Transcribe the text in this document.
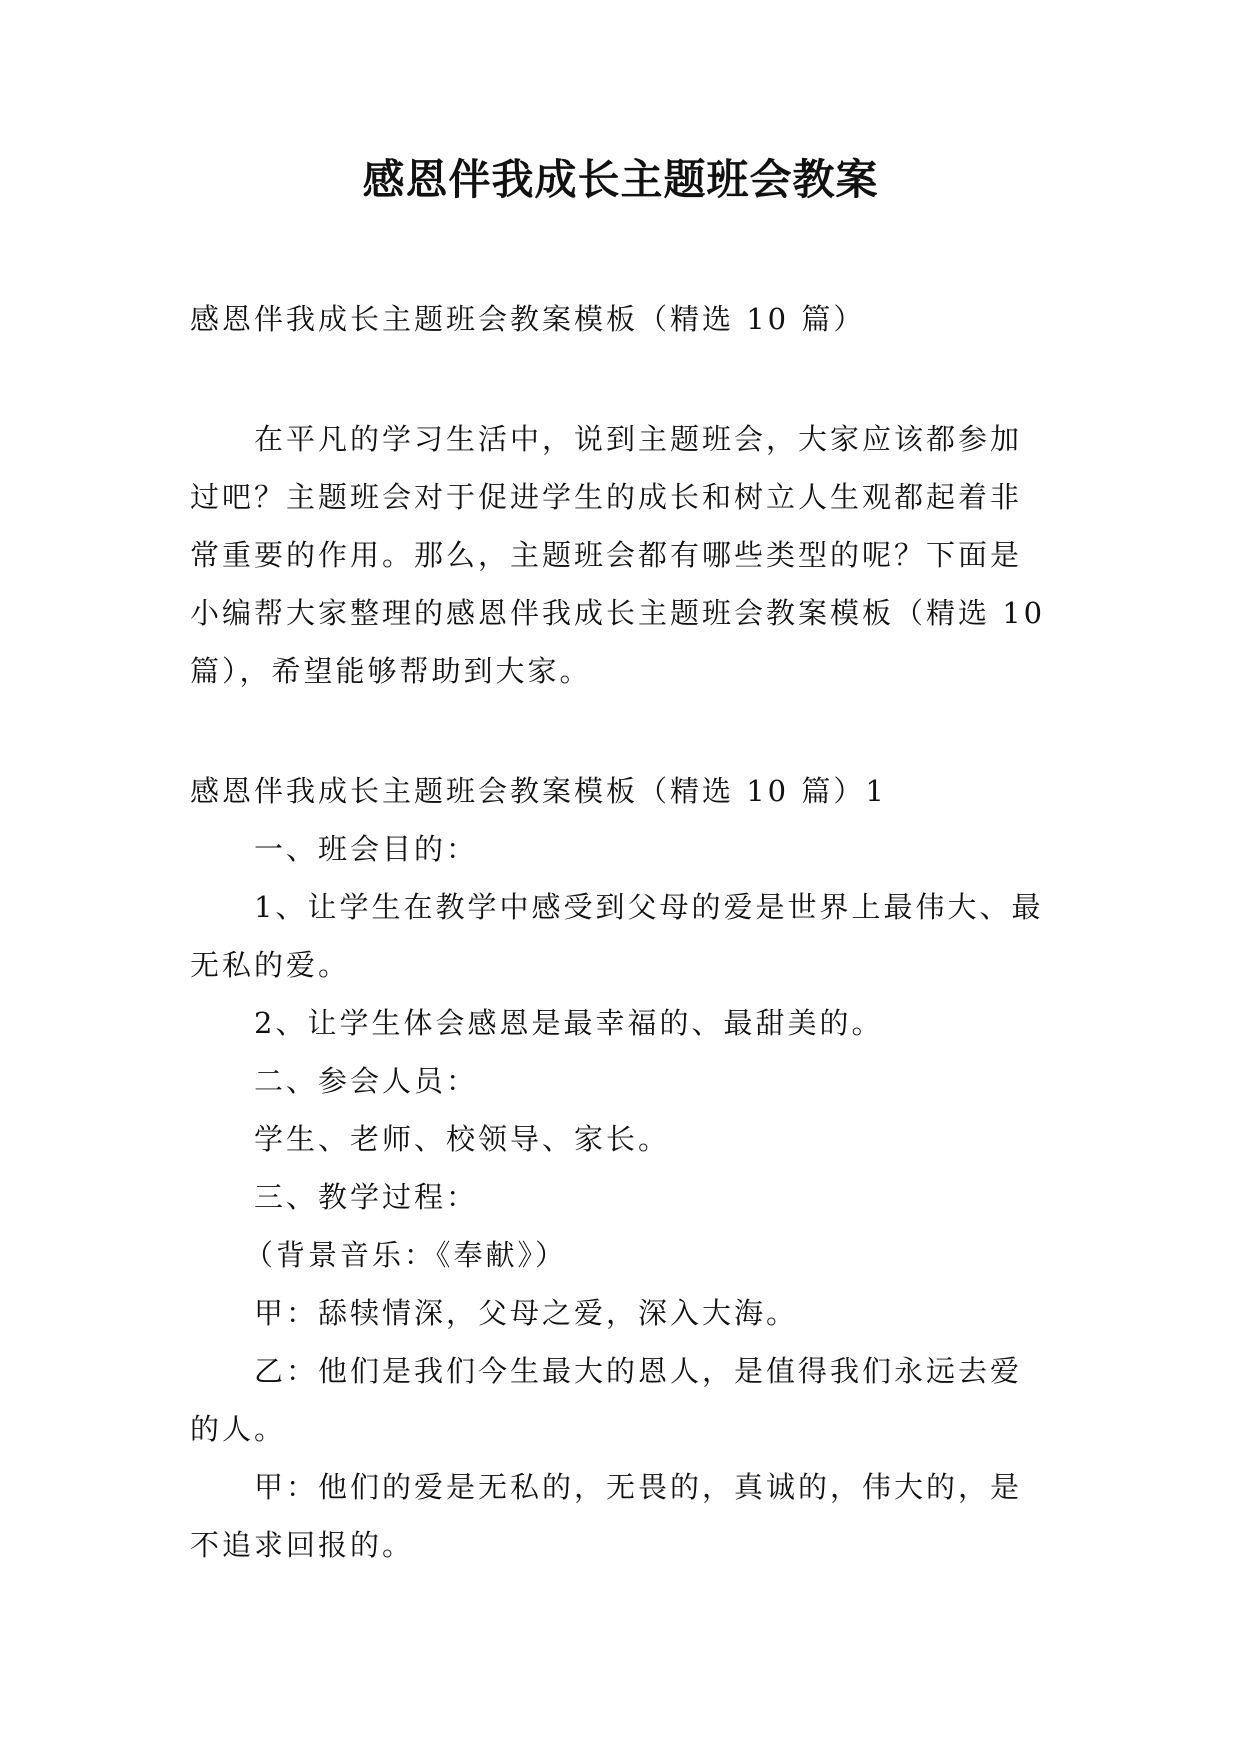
感恩伴我成长主题班会教案

感恩伴我成长主题班会教案模板（精选 10 篇）

在平凡的学习生活中，说到主题班会，大家应该都参加过吧？主题班会对于促进学生的成长和树立人生观都起着非常重要的作用。那么，主题班会都有哪些类型的呢？下面是小编帮大家整理的感恩伴我成长主题班会教案模板（精选 10 篇），希望能够帮助到大家。

感恩伴我成长主题班会教案模板（精选 10 篇）1

一、班会目的：

1、让学生在教学中感受到父母的爱是世界上最伟大、最无私的爱。

2、让学生体会感恩是最幸福的、最甜美的。

二、参会人员：

学生、老师、校领导、家长。

三、教学过程：

（背景音乐：《奉献》）

甲：舔犊情深，父母之爱，深入大海。

乙：他们是我们今生最大的恩人，是值得我们永远去爱的人。

甲：他们的爱是无私的，无畏的，真诚的，伟大的，是不追求回报的。
